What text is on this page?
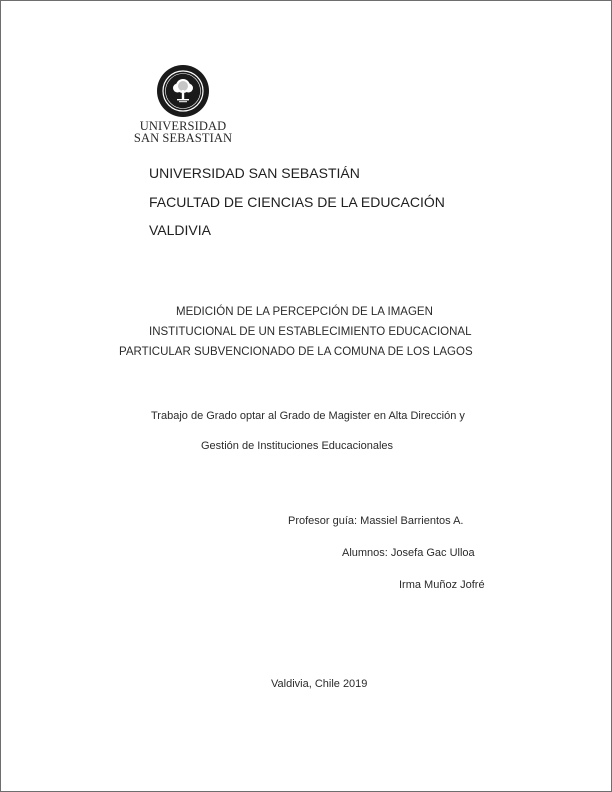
UNIVERSIDAD
SAN SEBASTIAN
UNIVERSIDAD SAN SEBASTIÁN
FACULTAD DE CIENCIAS DE LA EDUCACIÓN
VALDIVIA
MEDICIÓN DE LA PERCEPCIÓN DE LA IMAGEN
INSTITUCIONAL DE UN ESTABLECIMIENTO EDUCACIONAL
PARTICULAR SUBVENCIONADO DE LA COMUNA DE LOS LAGOS
Trabajo de Grado optar al Grado de Magister en Alta Dirección y
Gestión de Instituciones Educacionales
Profesor guía: Massiel Barrientos A.
Alumnos: Josefa Gac Ulloa
Irma Muñoz Jofré
Valdivia, Chile 2019
